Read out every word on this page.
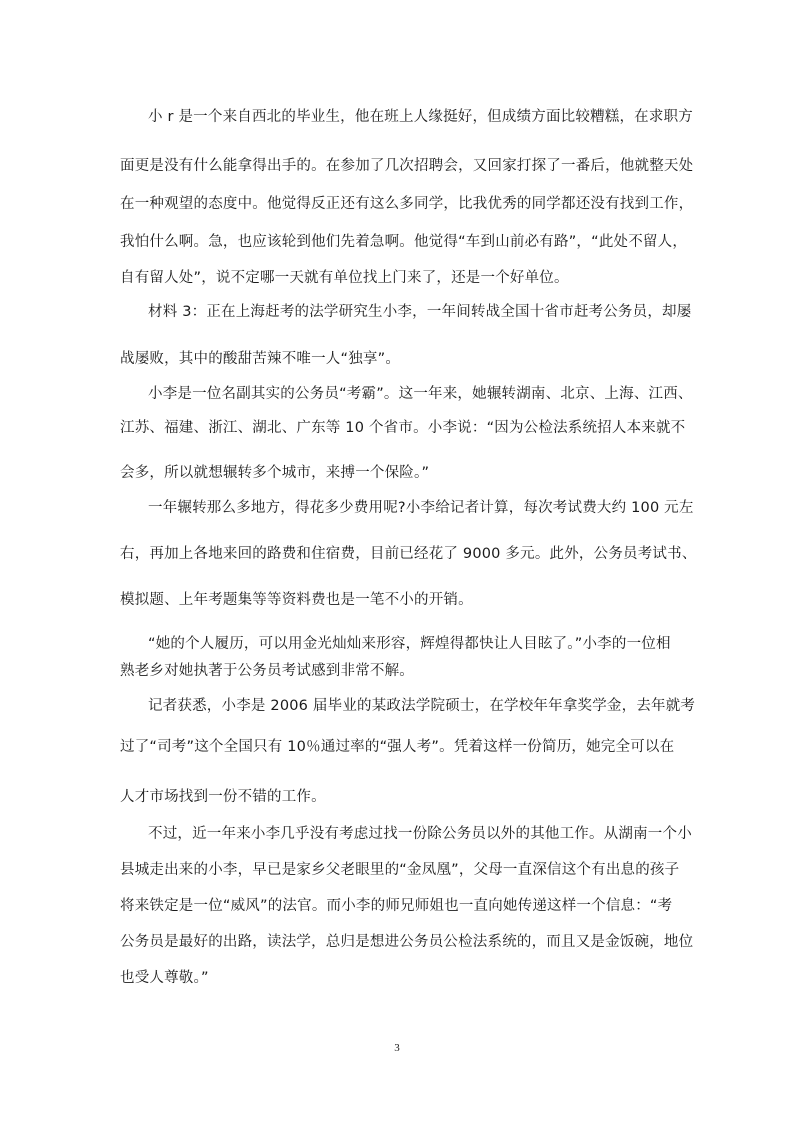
小 r 是一个来自西北的毕业生，他在班上人缘挺好，但成绩方面比较糟糕，在求职方
面更是没有什么能拿得出手的。在参加了几次招聘会，又回家打探了一番后，他就整天处
在一种观望的态度中。他觉得反正还有这么多同学，比我优秀的同学都还没有找到工作，
我怕什么啊。急，也应该轮到他们先着急啊。他觉得“车到山前必有路”，“此处不留人，
自有留人处”，说不定哪一天就有单位找上门来了，还是一个好单位。
材料 3：正在上海赶考的法学研究生小李，一年间转战全国十省市赶考公务员，却屡
战屡败，其中的酸甜苦辣不唯一人“独享”。
小李是一位名副其实的公务员“考霸”。这一年来，她辗转湖南、北京、上海、江西、
江苏、福建、浙江、湖北、广东等 10 个省市。小李说：“因为公检法系统招人本来就不
会多，所以就想辗转多个城市，来搏一个保险。”
一年辗转那么多地方，得花多少费用呢?小李给记者计算，每次考试费大约 100 元左
右，再加上各地来回的路费和住宿费，目前已经花了 9000 多元。此外，公务员考试书、
模拟题、上年考题集等等资料费也是一笔不小的开销。
“她的个人履历，可以用金光灿灿来形容，辉煌得都快让人目眩了。”小李的一位相
熟老乡对她执著于公务员考试感到非常不解。
记者获悉，小李是 2006 届毕业的某政法学院硕士，在学校年年拿奖学金，去年就考
过了“司考”这个全国只有 10％通过率的“强人考”。凭着这样一份简历，她完全可以在
人才市场找到一份不错的工作。
不过，近一年来小李几乎没有考虑过找一份除公务员以外的其他工作。从湖南一个小
县城走出来的小李，早已是家乡父老眼里的“金凤凰”，父母一直深信这个有出息的孩子
将来铁定是一位“威风”的法官。而小李的师兄师姐也一直向她传递这样一个信息：“考
公务员是最好的出路，读法学，总归是想进公务员公检法系统的，而且又是金饭碗，地位
也受人尊敬。”
3
